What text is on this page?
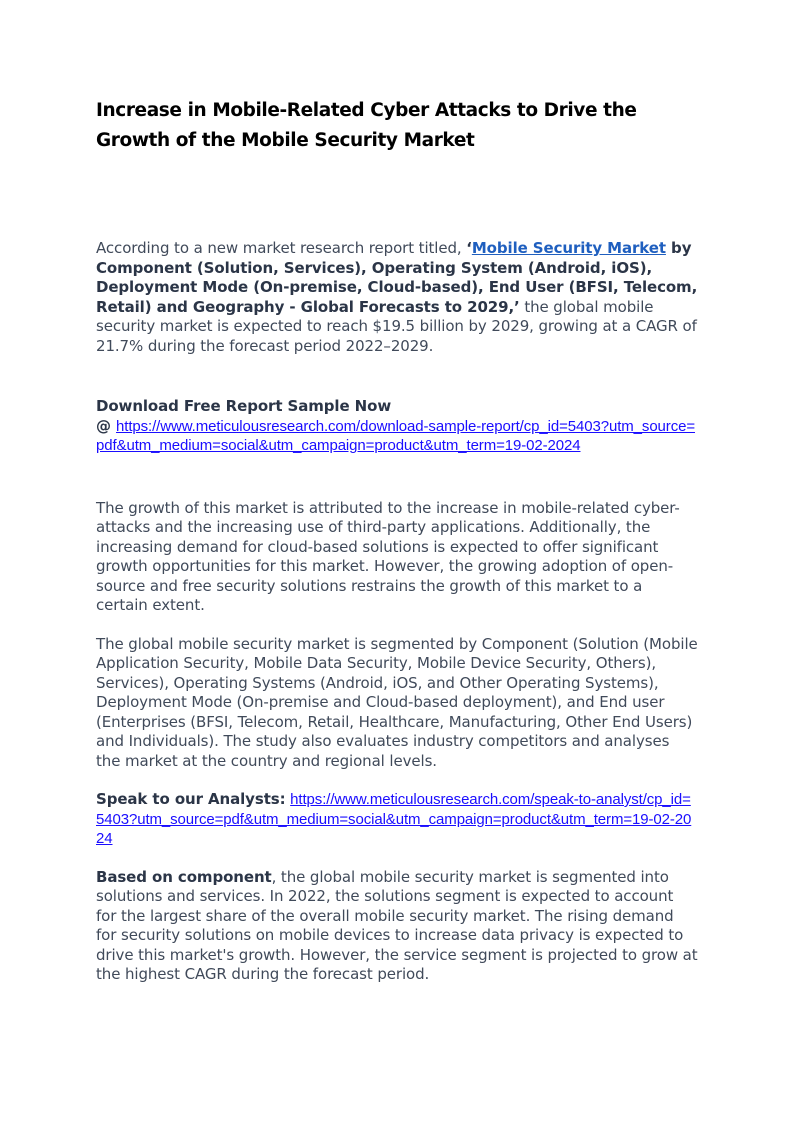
Increase in Mobile-Related Cyber Attacks to Drive the Growth of the Mobile Security Market

According to a new market research report titled, ‘Mobile Security Market by Component (Solution, Services), Operating System (Android, iOS), Deployment Mode (On-premise, Cloud-based), End User (BFSI, Telecom, Retail) and Geography - Global Forecasts to 2029,’ the global mobile security market is expected to reach $19.5 billion by 2029, growing at a CAGR of 21.7% during the forecast period 2022–2029.

Download Free Report Sample Now

@ https://www.meticulousresearch.com/download-sample-report/cp_id=5403?utm_source=pdf&utm_medium=social&utm_campaign=product&utm_term=19-02-2024

The growth of this market is attributed to the increase in mobile-related cyber-attacks and the increasing use of third-party applications. Additionally, the increasing demand for cloud-based solutions is expected to offer significant growth opportunities for this market. However, the growing adoption of open-source and free security solutions restrains the growth of this market to a certain extent.

The global mobile security market is segmented by Component (Solution (Mobile Application Security, Mobile Data Security, Mobile Device Security, Others), Services), Operating Systems (Android, iOS, and Other Operating Systems), Deployment Mode (On-premise and Cloud-based deployment), and End user (Enterprises (BFSI, Telecom, Retail, Healthcare, Manufacturing, Other End Users) and Individuals). The study also evaluates industry competitors and analyses the market at the country and regional levels.

Speak to our Analysts: https://www.meticulousresearch.com/speak-to-analyst/cp_id=5403?utm_source=pdf&utm_medium=social&utm_campaign=product&utm_term=19-02-2024

Based on component, the global mobile security market is segmented into solutions and services. In 2022, the solutions segment is expected to account for the largest share of the overall mobile security market. The rising demand for security solutions on mobile devices to increase data privacy is expected to drive this market's growth. However, the service segment is projected to grow at the highest CAGR during the forecast period.
